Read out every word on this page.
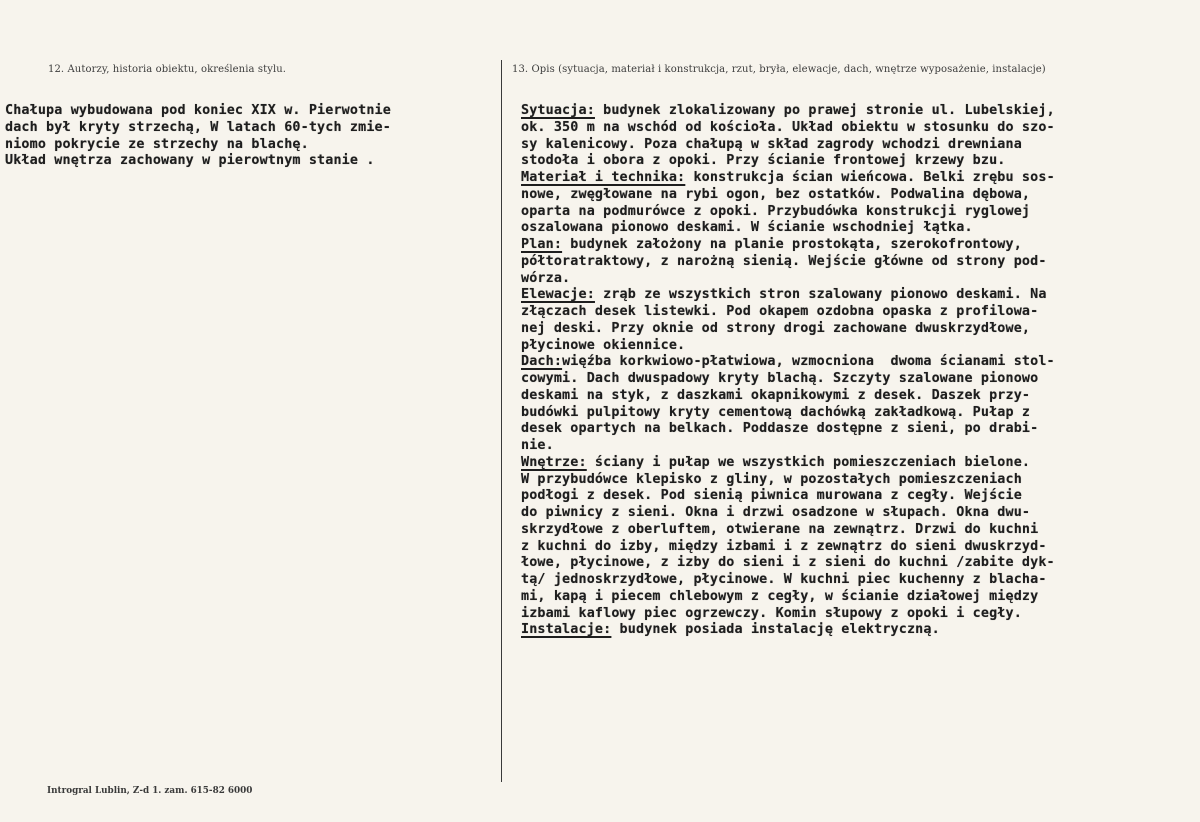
12. Autorzy, historia obiektu, określenia stylu.	13. Opis (sytuacja, materiał i konstrukcja, rzut, bryła, elewacje, dach, wnętrze wyposażenie, instalacje)
Chałupa wybudowana pod koniec XIX w. Pierwotnie
dach był kryty strzechą, W latach 60-tych zmie-
niomo pokrycie ze strzechy na blachę.
Układ wnętrza zachowany w pierowtnym stanie .
Sytuacja: budynek zlokalizowany po prawej stronie ul. Lubelskiej,
ok. 350 m na wschód od kościoła. Układ obiektu w stosunku do szo-
sy kalenicowy. Poza chałupą w skład zagrody wchodzi drewniana
stodoła i obora z opoki. Przy ścianie frontowej krzewy bzu.
Materiał i technika: konstrukcja ścian wieńcowa. Belki zrębu sos-
nowe, zwęgłowane na rybi ogon, bez ostatków. Podwalina dębowa,
oparta na podmurówce z opoki. Przybudówka konstrukcji ryglowej
oszalowana pionowo deskami. W ścianie wschodniej łątka.
Plan: budynek założony na planie prostokąta, szerokofrontowy,
półtoratraktowy, z narożną sienią. Wejście główne od strony pod-
wórza.
Elewacje: zrąb ze wszystkich stron szalowany pionowo deskami. Na
złączach desek listewki. Pod okapem ozdobna opaska z profilowa-
nej deski. Przy oknie od strony drogi zachowane dwuskrzydłowe,
płycinowe okiennice.
Dach:więźba korkwiowo-płatwiowa, wzmocniona  dwoma ścianami stol-
cowymi. Dach dwuspadowy kryty blachą. Szczyty szalowane pionowo
deskami na styk, z daszkami okapnikowymi z desek. Daszek przy-
budówki pulpitowy kryty cementową dachówką zakładkową. Pułap z
desek opartych na belkach. Poddasze dostępne z sieni, po drabi-
nie.
Wnętrze: ściany i pułap we wszystkich pomieszczeniach bielone.
W przybudówce klepisko z gliny, w pozostałych pomieszczeniach
podłogi z desek. Pod sienią piwnica murowana z cegły. Wejście
do piwnicy z sieni. Okna i drzwi osadzone w słupach. Okna dwu-
skrzydłowe z oberluftem, otwierane na zewnątrz. Drzwi do kuchni
z kuchni do izby, między izbami i z zewnątrz do sieni dwuskrzyd-
łowe, płycinowe, z izby do sieni i z sieni do kuchni /zabite dyk-
tą/ jednoskrzydłowe, płycinowe. W kuchni piec kuchenny z blacha-
mi, kapą i piecem chlebowym z cegły, w ścianie działowej między
izbami kaflowy piec ogrzewczy. Komin słupowy z opoki i cegły.
Instalacje: budynek posiada instalację elektryczną.
Introgral Lublin, Z-d 1. zam. 615-82 6000
